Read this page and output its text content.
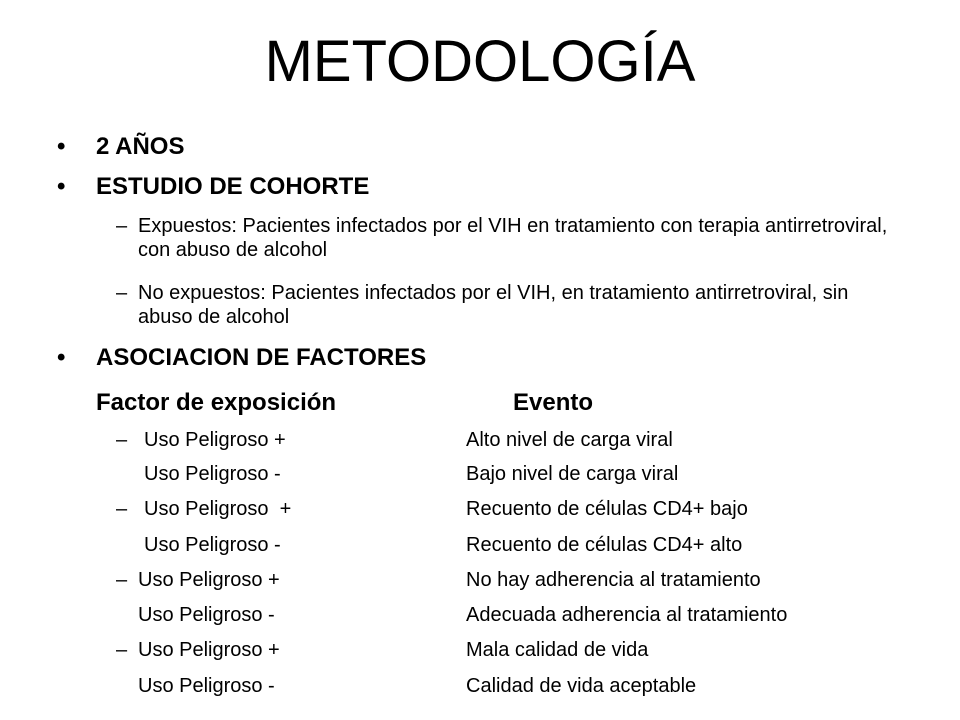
METODOLOGÍA
• 2 AÑOS
• ESTUDIO DE COHORTE
– Expuestos: Pacientes infectados por el VIH en tratamiento con terapia antirretroviral, con abuso de alcohol
– No expuestos: Pacientes infectados por el VIH, en tratamiento antirretroviral, sin abuso de alcohol
• ASOCIACION DE FACTORES
Factor de exposición	Evento
– Uso Peligroso +	Alto nivel de carga viral
Uso Peligroso -	Bajo nivel de carga viral
– Uso Peligroso  +	Recuento de células CD4+ bajo
Uso Peligroso -	Recuento de células CD4+ alto
– Uso Peligroso +	No hay adherencia al tratamiento
Uso Peligroso -	Adecuada adherencia al tratamiento
– Uso Peligroso +	Mala calidad de vida
Uso Peligroso -	Calidad de vida aceptable
